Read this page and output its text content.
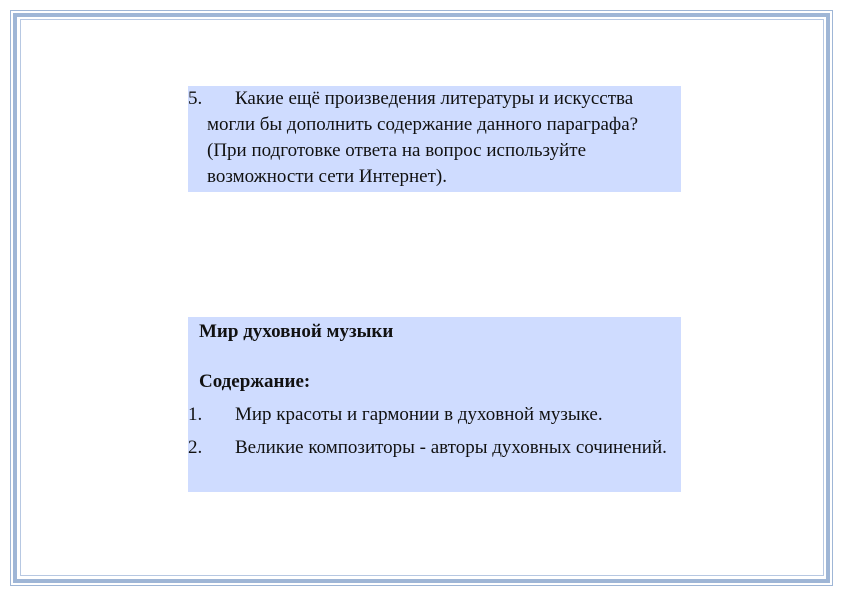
5.	Какие ещё произведения литературы и искусства могли бы дополнить содержание данного параграфа? (При подготовке ответа на вопрос используйте возможности сети Интернет).
Мир духовной музыки
Содержание:
1.	Мир красоты и гармонии в духовной музыке.
2.	Великие композиторы - авторы духовных сочинений.
